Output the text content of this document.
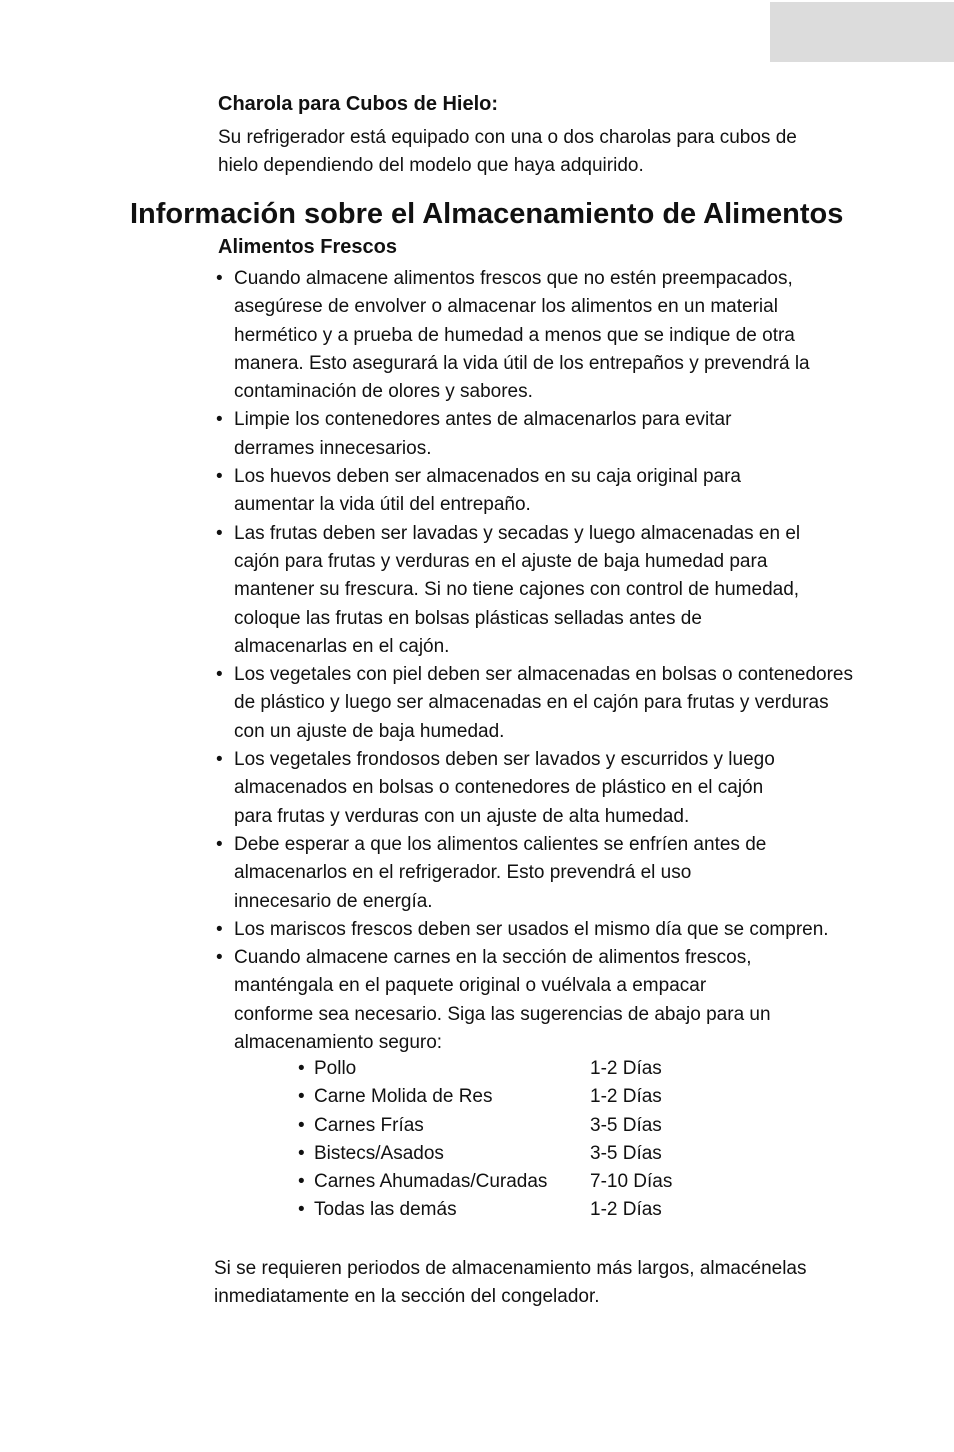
Charola para Cubos de Hielo:

Su refrigerador está equipado con una o dos charolas para cubos de
hielo dependiendo del modelo que haya adquirido.

Información sobre el Almacenamiento de Alimentos
Alimentos Frescos
• Cuando almacene alimentos frescos que no estén preempacados,
asegúrese de envolver o almacenar los alimentos en un material
hermético y a prueba de humedad a menos que se indique de otra
manera. Esto asegurará la vida útil de los entrepaños y prevendrá la
contaminación de olores y sabores.
• Limpie los contenedores antes de almacenarlos para evitar
derrames innecesarios.
• Los huevos deben ser almacenados en su caja original para
aumentar la vida útil del entrepaño.
• Las frutas deben ser lavadas y secadas y luego almacenadas en el
cajón para frutas y verduras en el ajuste de baja humedad para
mantener su frescura. Si no tiene cajones con control de humedad,
coloque las frutas en bolsas plásticas selladas antes de
almacenarlas en el cajón.
• Los vegetales con piel deben ser almacenadas en bolsas o contenedores
de plástico y luego ser almacenadas en el cajón para frutas y verduras
con un ajuste de baja humedad.
• Los vegetales frondosos deben ser lavados y escurridos y luego
almacenados en bolsas o contenedores de plástico en el cajón
para frutas y verduras con un ajuste de alta humedad.
• Debe esperar a que los alimentos calientes se enfríen antes de
almacenarlos en el refrigerador. Esto prevendrá el uso
innecesario de energía.
• Los mariscos frescos deben ser usados el mismo día que se compren.
• Cuando almacene carnes en la sección de alimentos frescos,
manténgala en el paquete original o vuélvala a empacar
conforme sea necesario. Siga las sugerencias de abajo para un
almacenamiento seguro:
• Pollo	1-2 Días
• Carne Molida de Res	1-2 Días
• Carnes Frías	3-5 Días
• Bistecs/Asados	3-5 Días
• Carnes Ahumadas/Curadas	7-10 Días
• Todas las demás	1-2 Días

Si se requieren periodos de almacenamiento más largos, almacénelas
inmediatamente en la sección del congelador.
